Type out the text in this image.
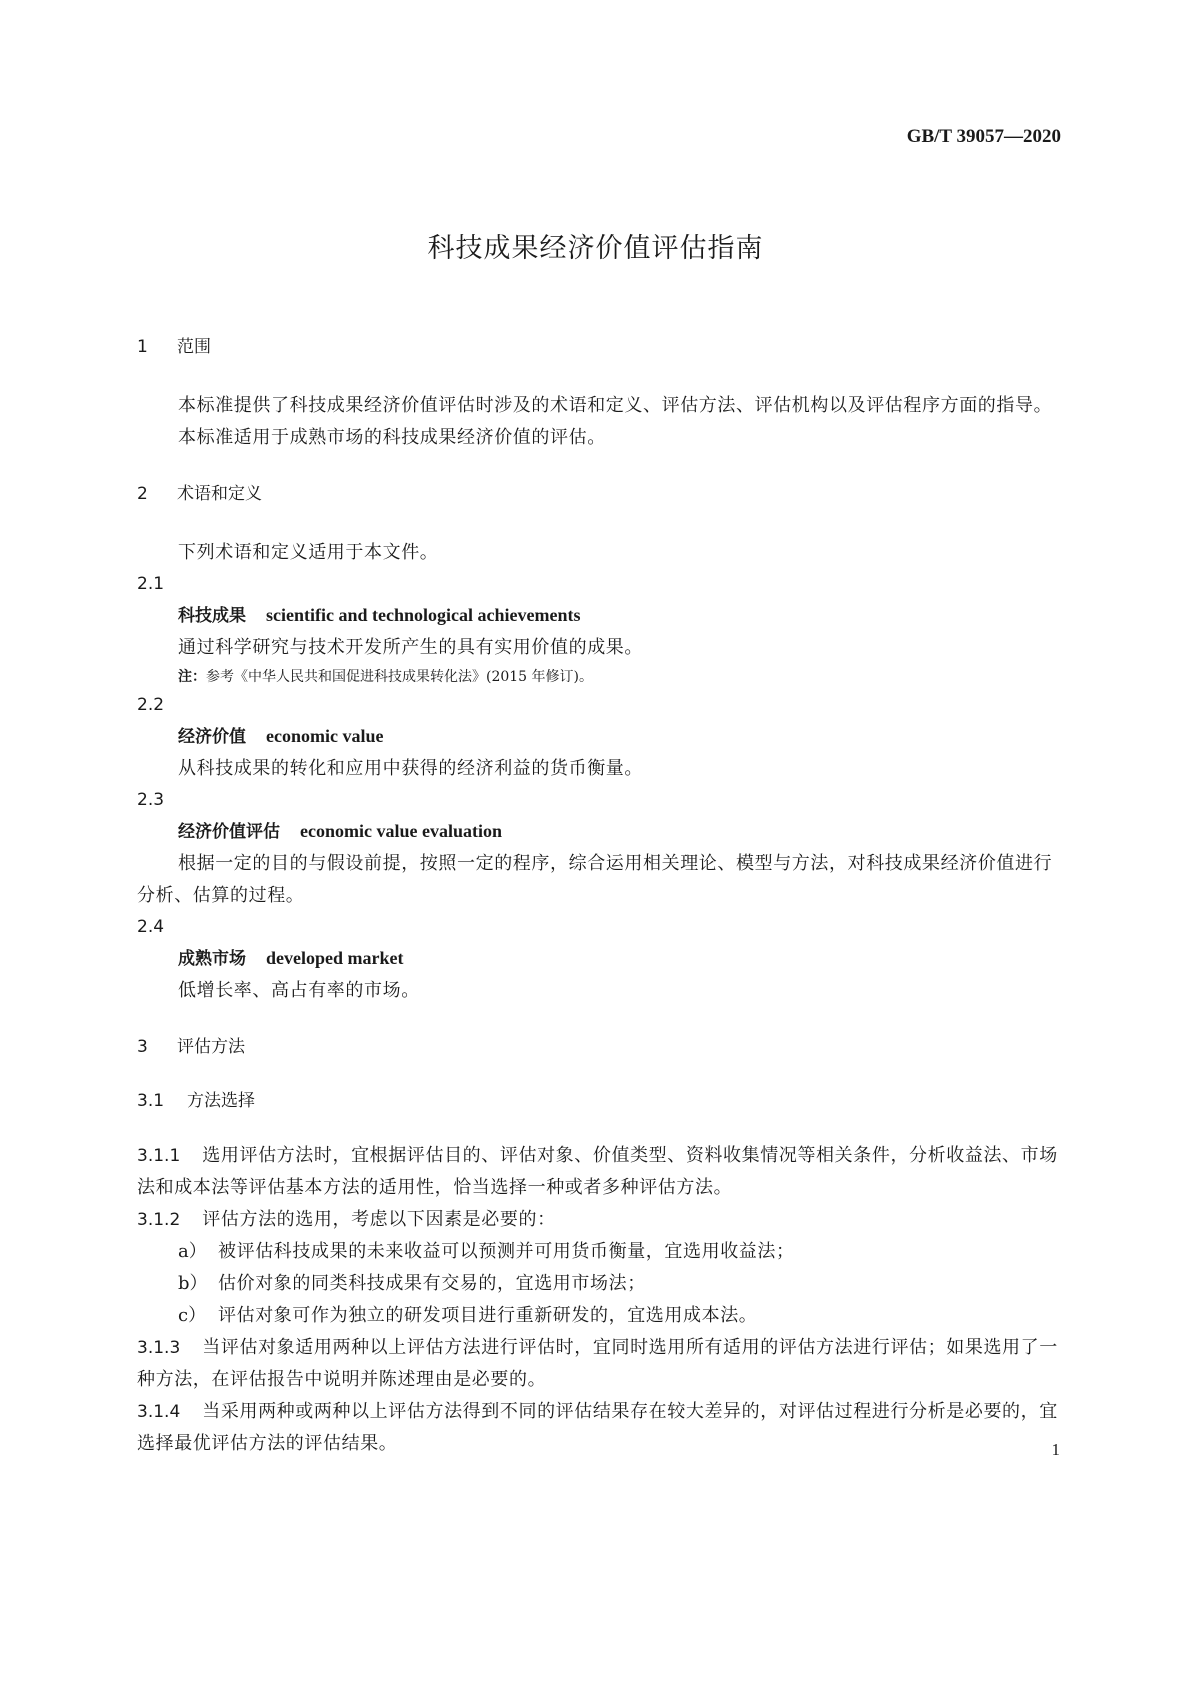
GB/T 39057—2020
科技成果经济价值评估指南
1 范围
本标准提供了科技成果经济价值评估时涉及的术语和定义、评估方法、评估机构以及评估程序方面的指导。
本标准适用于成熟市场的科技成果经济价值的评估。
2 术语和定义
下列术语和定义适用于本文件。
2.1
科技成果 scientific and technological achievements
通过科学研究与技术开发所产生的具有实用价值的成果。
注：参考《中华人民共和国促进科技成果转化法》(2015 年修订)。
2.2
经济价值 economic value
从科技成果的转化和应用中获得的经济利益的货币衡量。
2.3
经济价值评估 economic value evaluation
根据一定的目的与假设前提，按照一定的程序，综合运用相关理论、模型与方法，对科技成果经济价值进行分析、估算的过程。
2.4
成熟市场 developed market
低增长率、高占有率的市场。
3 评估方法
3.1 方法选择
3.1.1 选用评估方法时，宜根据评估目的、评估对象、价值类型、资料收集情况等相关条件，分析收益法、市场法和成本法等评估基本方法的适用性，恰当选择一种或者多种评估方法。
3.1.2 评估方法的选用，考虑以下因素是必要的：
a） 被评估科技成果的未来收益可以预测并可用货币衡量，宜选用收益法；
b） 估价对象的同类科技成果有交易的，宜选用市场法；
c） 评估对象可作为独立的研发项目进行重新研发的，宜选用成本法。
3.1.3 当评估对象适用两种以上评估方法进行评估时，宜同时选用所有适用的评估方法进行评估；如果选用了一种方法，在评估报告中说明并陈述理由是必要的。
3.1.4 当采用两种或两种以上评估方法得到不同的评估结果存在较大差异的，对评估过程进行分析是必要的，宜选择最优评估方法的评估结果。	1
